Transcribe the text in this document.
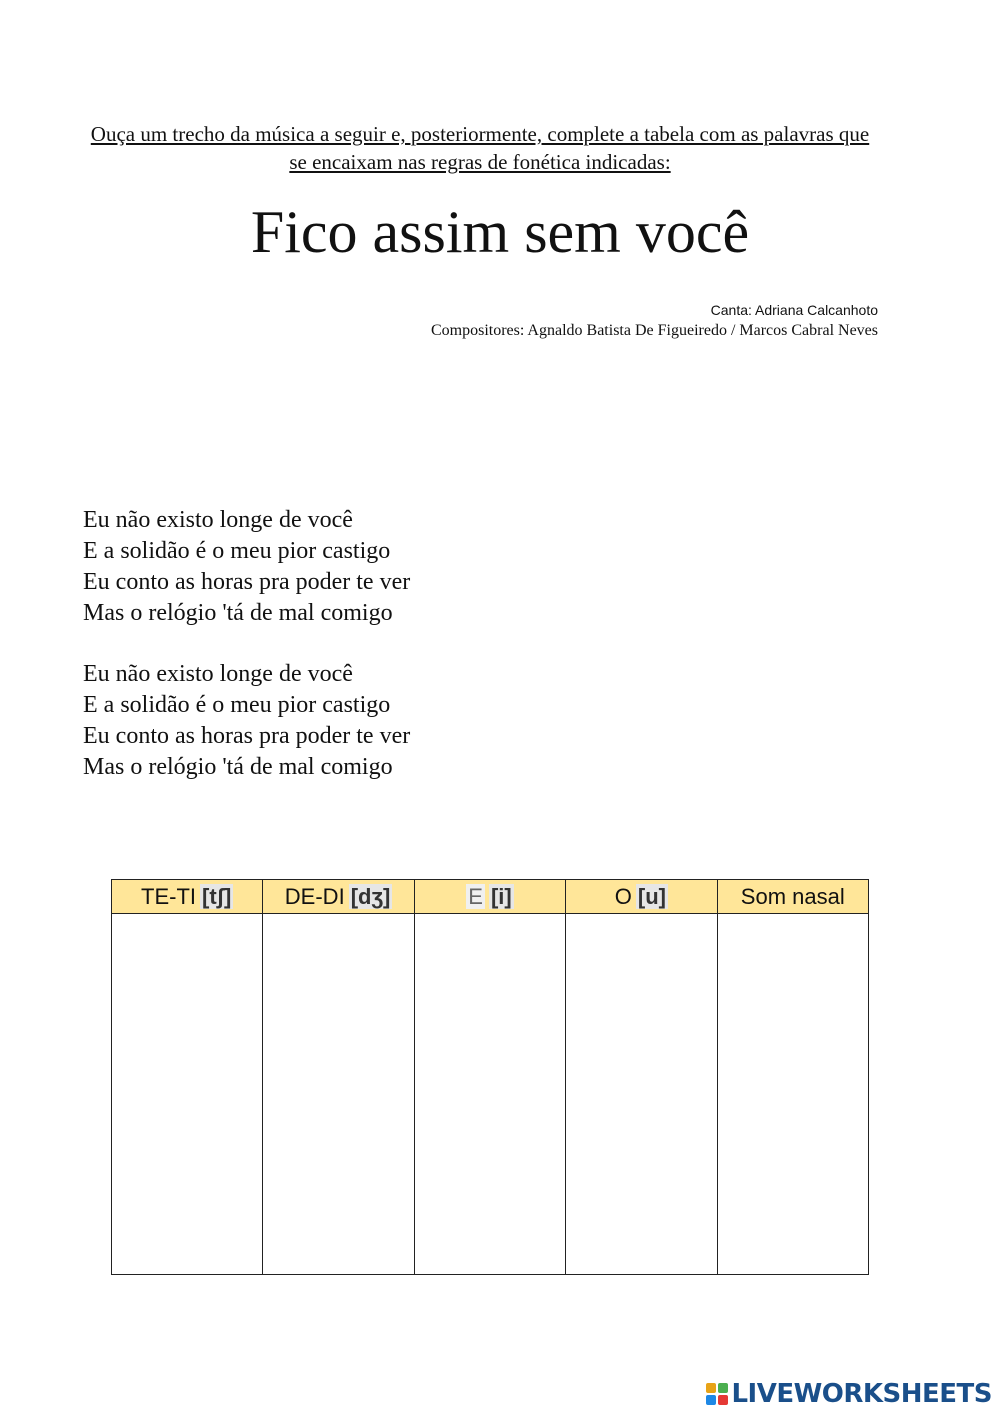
Ouça um trecho da música a seguir e, posteriormente, complete a tabela com as palavras que se encaixam nas regras de fonética indicadas:
Fico assim sem você
Canta: Adriana Calcanhoto
Compositores: Agnaldo Batista De Figueiredo / Marcos Cabral Neves
Eu não existo longe de você
E a solidão é o meu pior castigo
Eu conto as horas pra poder te ver
Mas o relógio 'tá de mal comigo
Eu não existo longe de você
E a solidão é o meu pior castigo
Eu conto as horas pra poder te ver
Mas o relógio 'tá de mal comigo
TE-TI [tʃ]	DE-DI [dʒ]	E [i]	O [u]	Som nasal

LIVEWORKSHEETS
